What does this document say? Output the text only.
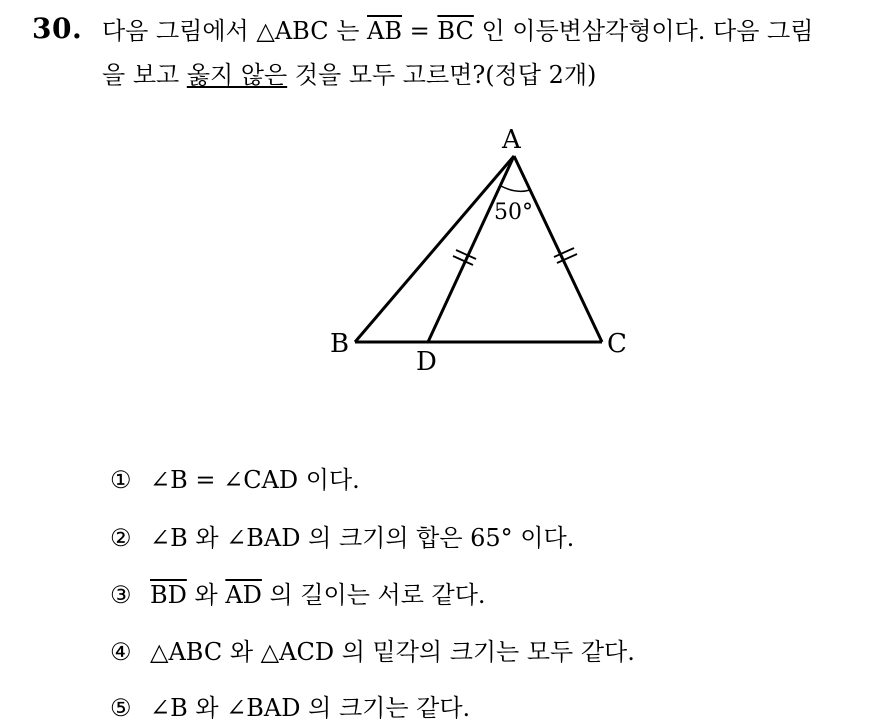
30. 다음 그림에서 △ABC 는 $\overline{AB} = \overline{BC}$ 인 이등변삼각형이다. 다음 그림
을 보고 옳지 않은 것을 모두 고르면?(정답 2개)
A
B	C
D
50°
① ∠B = ∠CAD 이다.
② ∠B 와 ∠BAD 의 크기의 합은 65° 이다.
③ $\overline{BD}$ 와 $\overline{AD}$ 의 길이는 서로 같다.
④ △ABC 와 △ACD 의 밑각의 크기는 모두 같다.
⑤ ∠B 와 ∠BAD 의 크기는 같다.
